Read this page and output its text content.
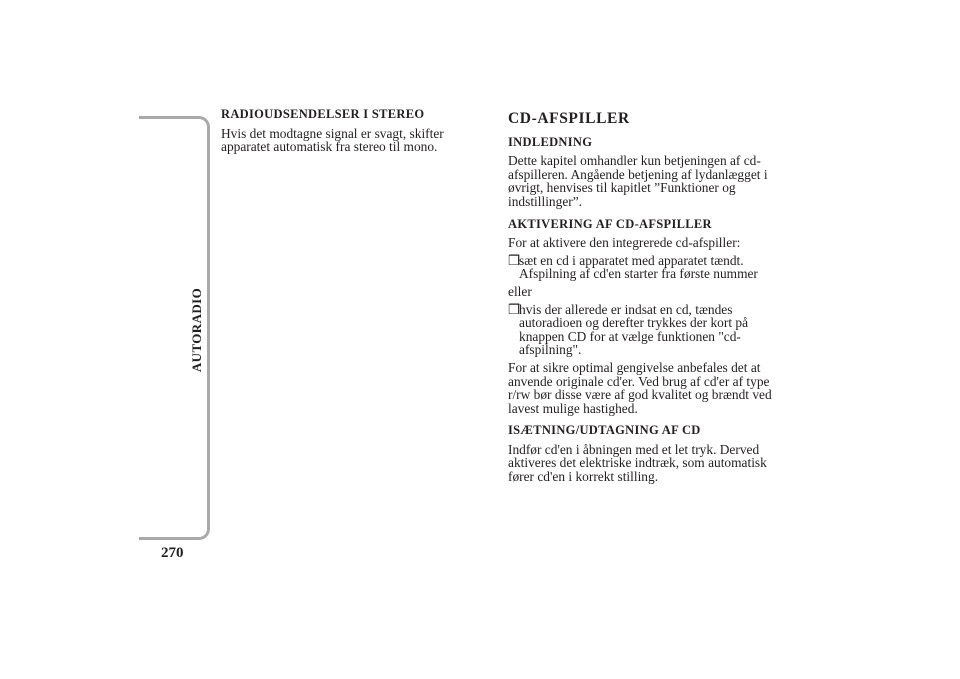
AUTORADIO
270
RADIOUDSENDELSER I STEREO

Hvis det modtagne signal er svagt, skifter apparatet automatisk fra stereo til mono.

CD-AFSPILLER
INDLEDNING

Dette kapitel omhandler kun betjeningen af cd-afspilleren. Angående betjening af lydanlægget i øvrigt, henvises til kapitlet ”Funktioner og indstillinger”.

AKTIVERING AF CD-AFSPILLER

For at aktivere den integrerede cd-afspiller:

❒
sæt en cd i apparatet med apparatet tændt. Afspilning af cd'en starter fra første nummer

eller

❒
hvis der allerede er indsat en cd, tændes autoradioen og derefter trykkes der kort på knappen CD for at vælge funktionen "cd-afspilning".

For at sikre optimal gengivelse anbefales det at anvende originale cd'er. Ved brug af cd'er af type r/rw bør disse være af god kvalitet og brændt ved lavest mulige hastighed.

ISÆTNING/UDTAGNING AF CD

Indfør cd'en i åbningen med et let tryk. Derved aktiveres det elektriske indtræk, som automatisk fører cd'en i korrekt stilling.
